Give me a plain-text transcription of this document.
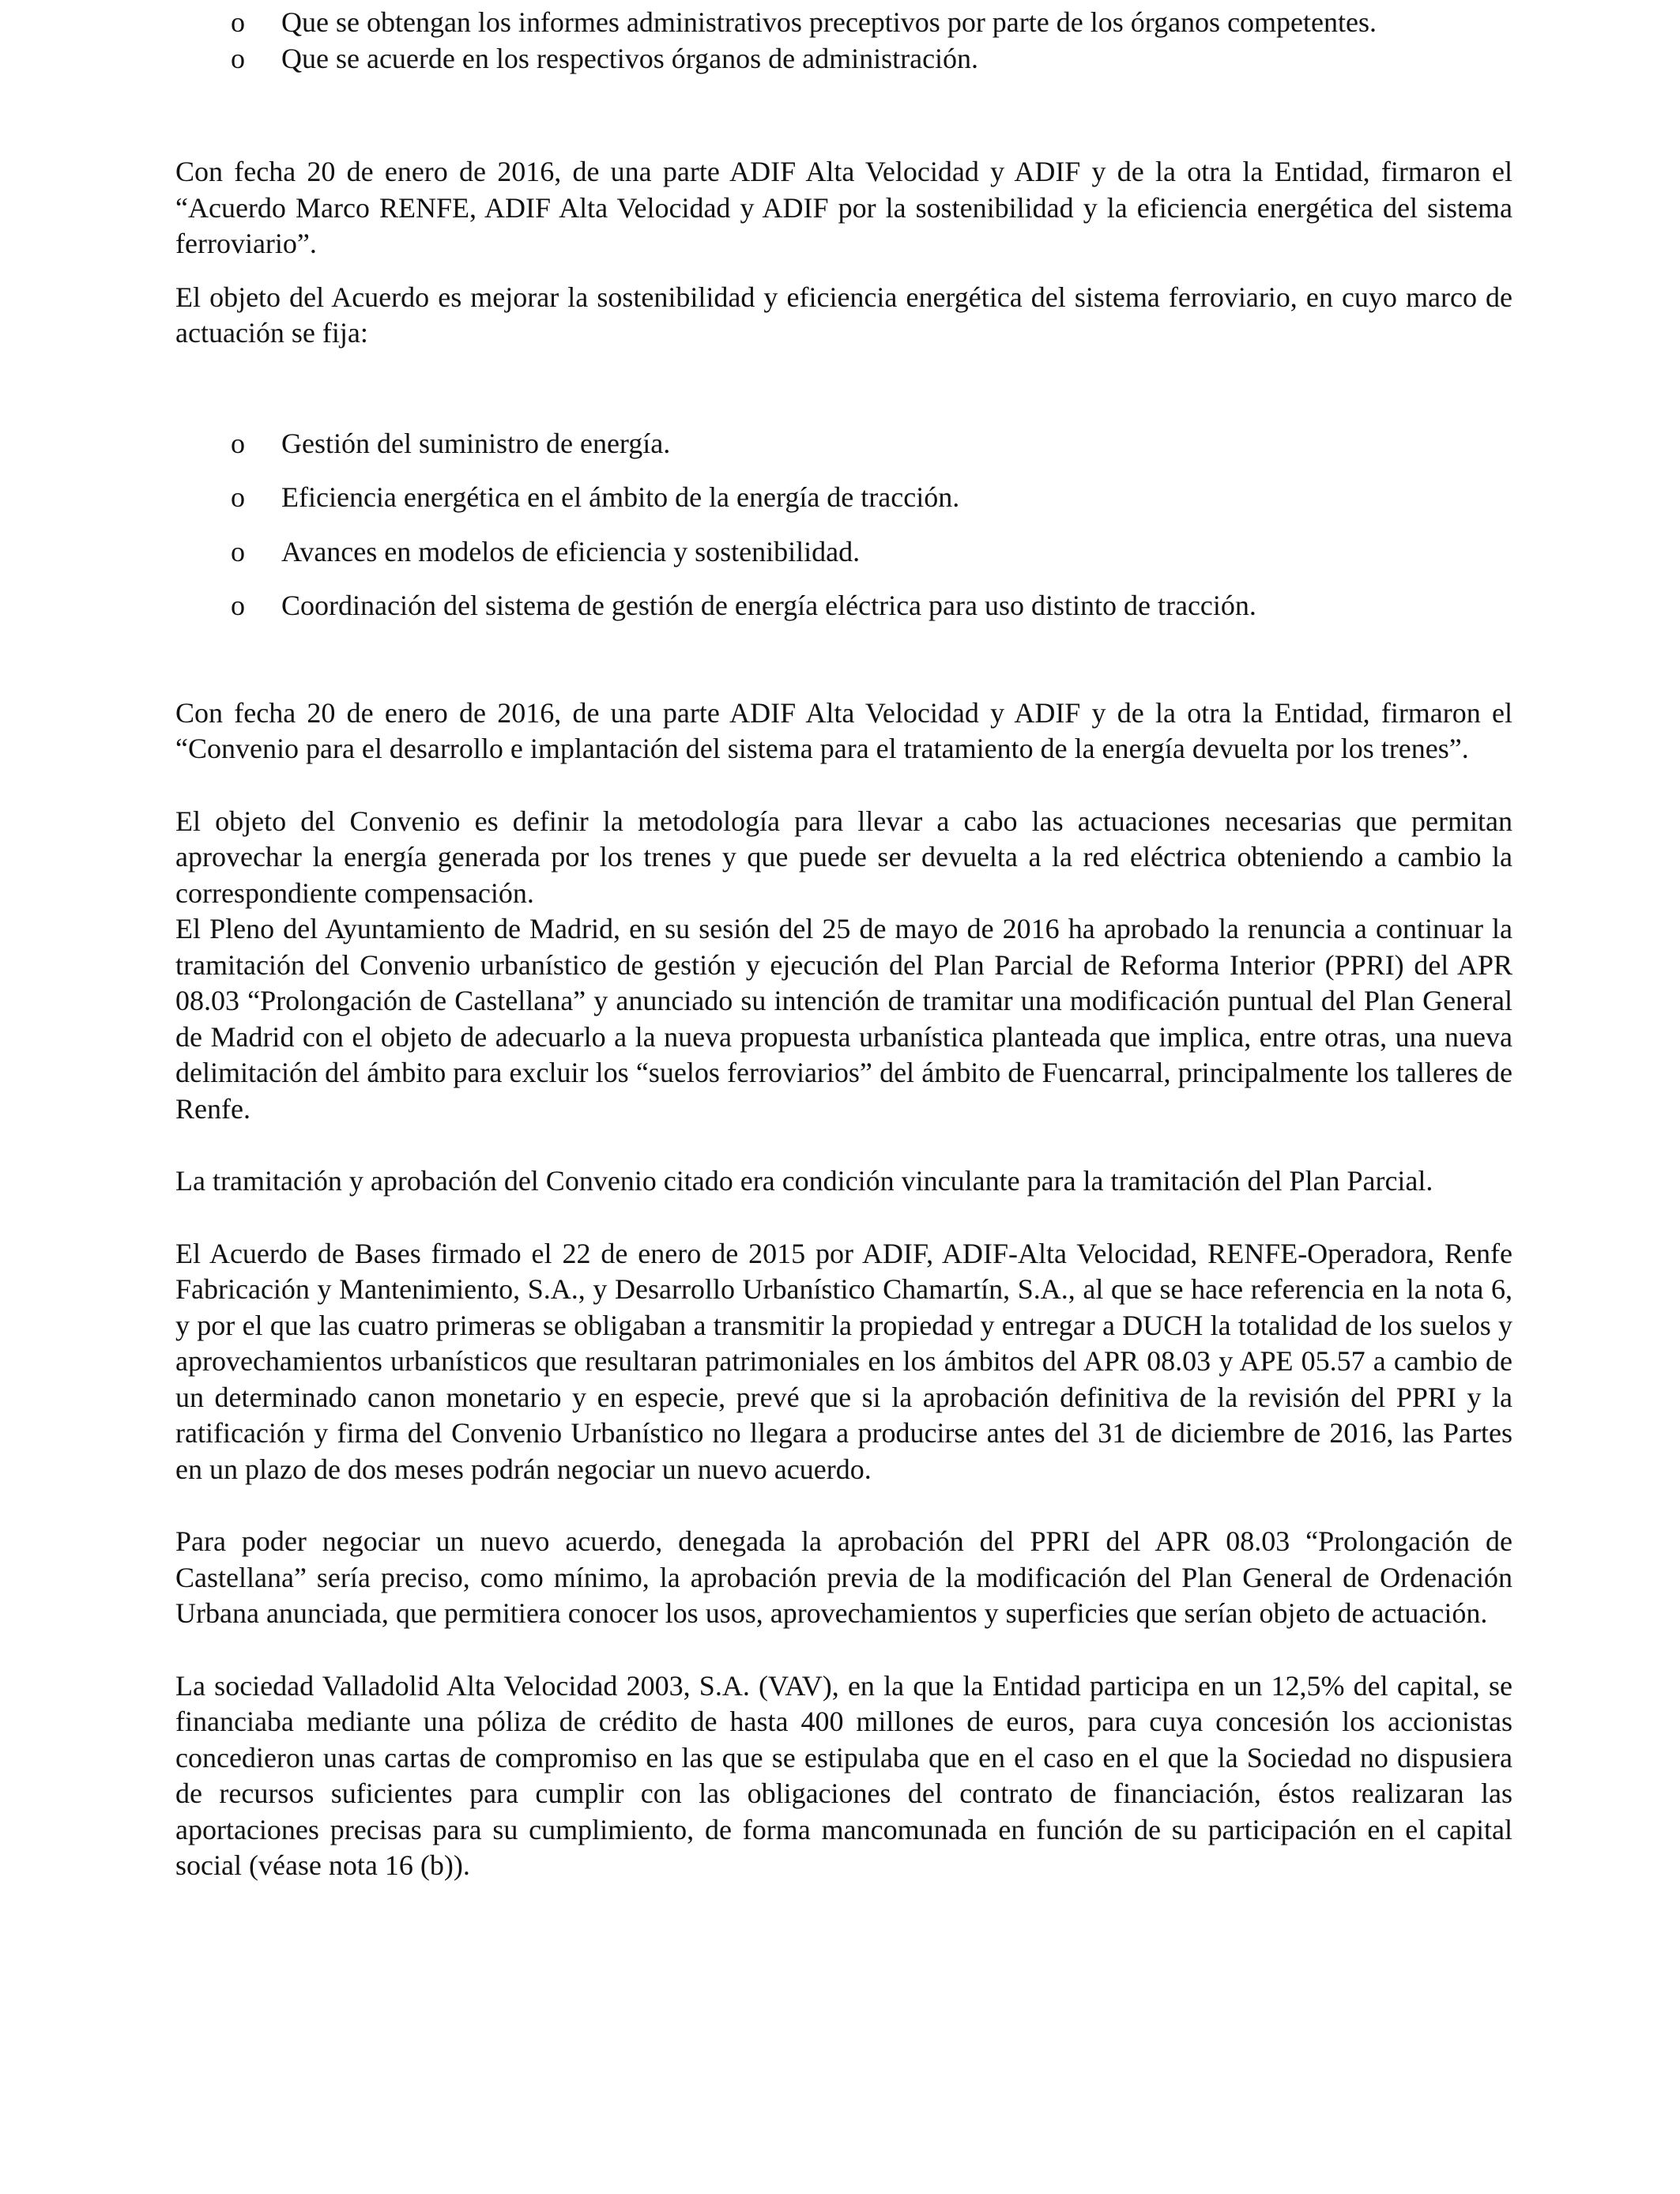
o Que se obtengan los informes administrativos preceptivos por parte de los órganos competentes.
o Que se acuerde en los respectivos órganos de administración.

Con fecha 20 de enero de 2016, de una parte ADIF Alta Velocidad y ADIF y de la otra la Entidad, firmaron el “Acuerdo Marco RENFE, ADIF Alta Velocidad y ADIF por la sostenibilidad y la eficiencia energética del sistema ferroviario”.

El objeto del Acuerdo es mejorar la sostenibilidad y eficiencia energética del sistema ferroviario, en cuyo marco de actuación se fija:

o Gestión del suministro de energía.
o Eficiencia energética en el ámbito de la energía de tracción.
o Avances en modelos de eficiencia y sostenibilidad.
o Coordinación del sistema de gestión de energía eléctrica para uso distinto de tracción.

Con fecha 20 de enero de 2016, de una parte ADIF Alta Velocidad y ADIF y de la otra la Entidad, firmaron el “Convenio para el desarrollo e implantación del sistema para el tratamiento de la energía devuelta por los trenes”.

El objeto del Convenio es definir la metodología para llevar a cabo las actuaciones necesarias que permitan aprovechar la energía generada por los trenes y que puede ser devuelta a la red eléctrica obteniendo a cambio la correspondiente compensación.

El Pleno del Ayuntamiento de Madrid, en su sesión del 25 de mayo de 2016 ha aprobado la renuncia a continuar la tramitación del Convenio urbanístico de gestión y ejecución del Plan Parcial de Reforma Interior (PPRI) del APR 08.03 “Prolongación de Castellana” y anunciado su intención de tramitar una modificación puntual del Plan General de Madrid con el objeto de adecuarlo a la nueva propuesta urbanística planteada que implica, entre otras, una nueva delimitación del ámbito para excluir los “suelos ferroviarios” del ámbito de Fuencarral, principalmente los talleres de Renfe.

La tramitación y aprobación del Convenio citado era condición vinculante para la tramitación del Plan Parcial.

El Acuerdo de Bases firmado el 22 de enero de 2015 por ADIF, ADIF-Alta Velocidad, RENFE-Operadora, Renfe Fabricación y Mantenimiento, S.A., y Desarrollo Urbanístico Chamartín, S.A., al que se hace referencia en la nota 6, y por el que las cuatro primeras se obligaban a transmitir la propiedad y entregar a DUCH la totalidad de los suelos y aprovechamientos urbanísticos que resultaran patrimoniales en los ámbitos del APR 08.03 y APE 05.57 a cambio de un determinado canon monetario y en especie, prevé que si la aprobación definitiva de la revisión del PPRI y la ratificación y firma del Convenio Urbanístico no llegara a producirse antes del 31 de diciembre de 2016, las Partes en un plazo de dos meses podrán negociar un nuevo acuerdo.

Para poder negociar un nuevo acuerdo, denegada la aprobación del PPRI del APR 08.03 “Prolongación de Castellana” sería preciso, como mínimo, la aprobación previa de la modificación del Plan General de Ordenación Urbana anunciada, que permitiera conocer los usos, aprovechamientos y superficies que serían objeto de actuación.

La sociedad Valladolid Alta Velocidad 2003, S.A. (VAV), en la que la Entidad participa en un 12,5% del capital, se financiaba mediante una póliza de crédito de hasta 400 millones de euros, para cuya concesión los accionistas concedieron unas cartas de compromiso en las que se estipulaba que en el caso en el que la Sociedad no dispusiera de recursos suficientes para cumplir con las obligaciones del contrato de financiación, éstos realizaran las aportaciones precisas para su cumplimiento, de forma mancomunada en función de su participación en el capital social (véase nota 16 (b)).
